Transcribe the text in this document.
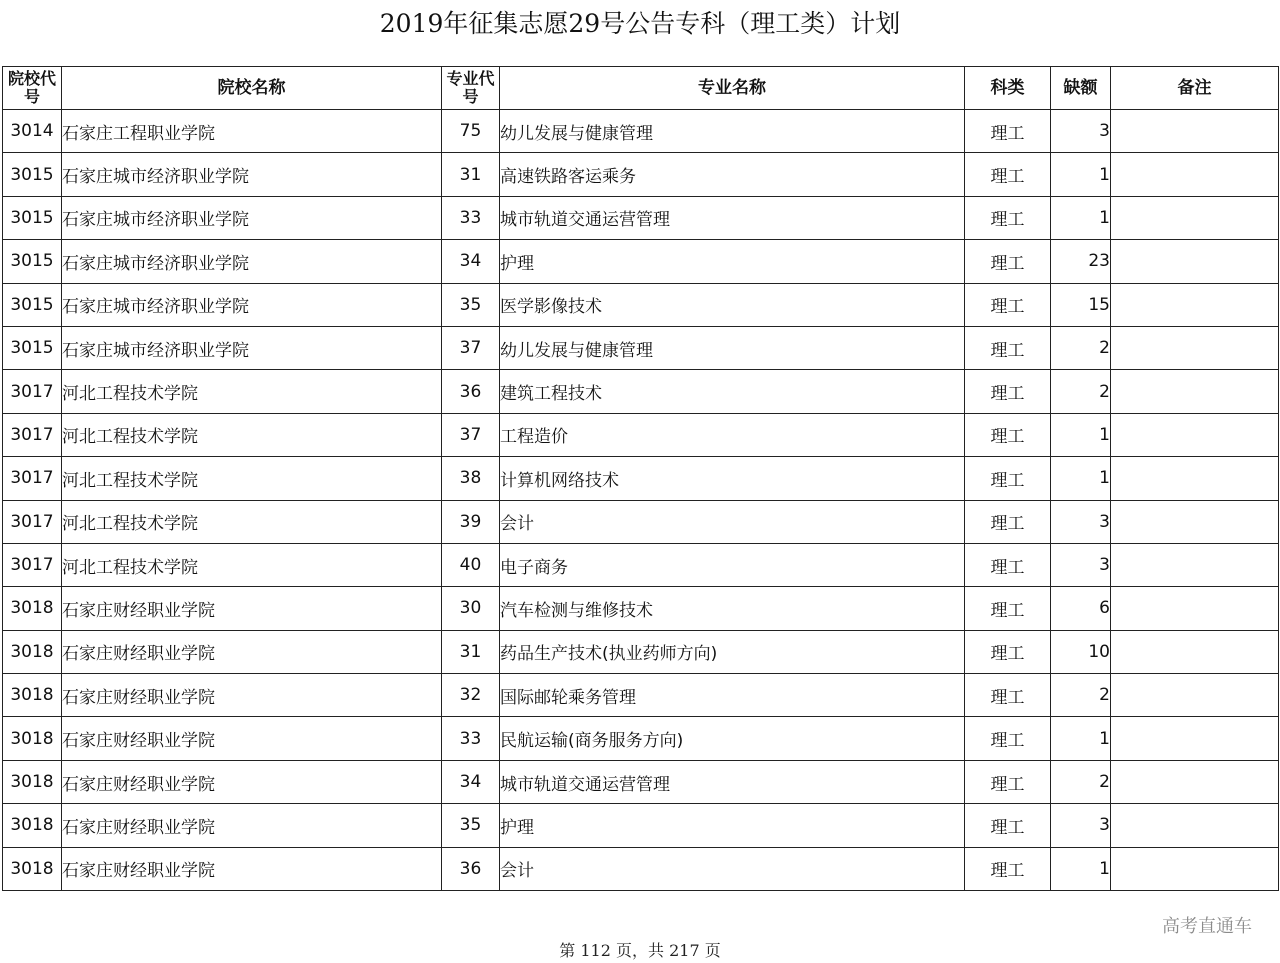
2019年征集志愿29号公告专科（理工类）计划
院校代号	院校名称	专业代号	专业名称	科类	缺额	备注
3014	石家庄工程职业学院	75	幼儿发展与健康管理	理工	3	
3015	石家庄城市经济职业学院	31	高速铁路客运乘务	理工	1	
3015	石家庄城市经济职业学院	33	城市轨道交通运营管理	理工	1	
3015	石家庄城市经济职业学院	34	护理	理工	23	
3015	石家庄城市经济职业学院	35	医学影像技术	理工	15	
3015	石家庄城市经济职业学院	37	幼儿发展与健康管理	理工	2	
3017	河北工程技术学院	36	建筑工程技术	理工	2	
3017	河北工程技术学院	37	工程造价	理工	1	
3017	河北工程技术学院	38	计算机网络技术	理工	1	
3017	河北工程技术学院	39	会计	理工	3	
3017	河北工程技术学院	40	电子商务	理工	3	
3018	石家庄财经职业学院	30	汽车检测与维修技术	理工	6	
3018	石家庄财经职业学院	31	药品生产技术(执业药师方向)	理工	10	
3018	石家庄财经职业学院	32	国际邮轮乘务管理	理工	2	
3018	石家庄财经职业学院	33	民航运输(商务服务方向)	理工	1	
3018	石家庄财经职业学院	34	城市轨道交通运营管理	理工	2	
3018	石家庄财经职业学院	35	护理	理工	3	
3018	石家庄财经职业学院	36	会计	理工	1	
高考直通车
第 112 页，共 217 页
